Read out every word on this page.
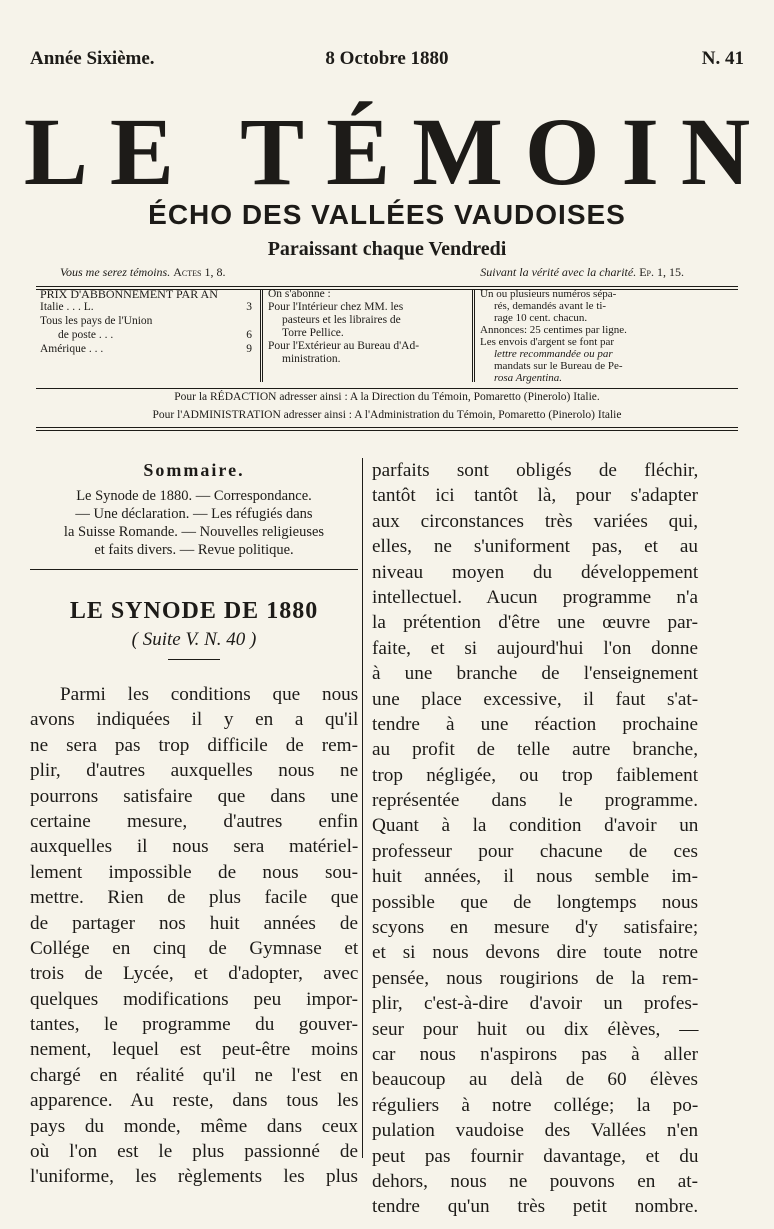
Année Sixième.	8 Octobre 1880	N. 41
LE TÉMOIN
ÉCHO DES VALLÉES VAUDOISES
Paraissant chaque Vendredi
Vous me serez témoins. Actes 1, 8.	Suivant la vérité avec la charité. Ep. 1, 15.
PRIX D'ABBONNEMENT PAR AN
Italie . . . L.	3
Tous les pays de l'Union
de poste . . .	6
Amérique . . .	9
On s'abonne :
Pour l'Intérieur chez MM. les
pasteurs et les libraires de
Torre Pellice.
Pour l'Extérieur au Bureau d'Ad-
ministration.
Un ou plusieurs numéros sépa-
rés, demandés avant le ti-
rage 10 cent. chacun.
Annonces: 25 centimes par ligne.
Les envois d'argent se font par
lettre recommandée ou par
mandats sur le Bureau de Pe-
rosa Argentina.
Pour la RÉDACTION adresser ainsi : A la Direction du Témoin, Pomaretto (Pinerolo) Italie.
Pour l'ADMINISTRATION adresser ainsi : A l'Administration du Témoin, Pomaretto (Pinerolo) Italie
Sommaire.
Le Synode de 1880. — Correspondance.
— Une déclaration. — Les réfugiés dans
la Suisse Romande. — Nouvelles religieuses
et faits divers. — Revue politique.
LE SYNODE DE 1880
( Suite V. N. 40 )
Parmi les conditions que nous
avons indiquées il y en a qu'il
ne sera pas trop difficile de rem-
plir, d'autres auxquelles nous ne
pourrons satisfaire que dans une
certaine mesure, d'autres enfin
auxquelles il nous sera matériel-
lement impossible de nous sou-
mettre. Rien de plus facile que
de partager nos huit années de
Collége en cinq de Gymnase et
trois de Lycée, et d'adopter, avec
quelques modifications peu impor-
tantes, le programme du gouver-
nement, lequel est peut-être moins
chargé en réalité qu'il ne l'est en
apparence. Au reste, dans tous les
pays du monde, même dans ceux
où l'on est le plus passionné de
l'uniforme, les règlements les plus
parfaits sont obligés de fléchir,
tantôt ici tantôt là, pour s'adapter
aux circonstances très variées qui,
elles, ne s'uniforment pas, et au
niveau moyen du développement
intellectuel. Aucun programme n'a
la prétention d'être une œuvre par-
faite, et si aujourd'hui l'on donne
à une branche de l'enseignement
une place excessive, il faut s'at-
tendre à une réaction prochaine
au profit de telle autre branche,
trop négligée, ou trop faiblement
représentée dans le programme.
Quant à la condition d'avoir un
professeur pour chacune de ces
huit années, il nous semble im-
possible que de longtemps nous
scyons en mesure d'y satisfaire;
et si nous devons dire toute notre
pensée, nous rougirions de la rem-
plir, c'est-à-dire d'avoir un profes-
seur pour huit ou dix élèves, —
car nous n'aspirons pas à aller
beaucoup au delà de 60 élèves
réguliers à notre collége; la po-
pulation vaudoise des Vallées n'en
peut pas fournir davantage, et du
dehors, nous ne pouvons en at-
tendre qu'un très petit nombre.
